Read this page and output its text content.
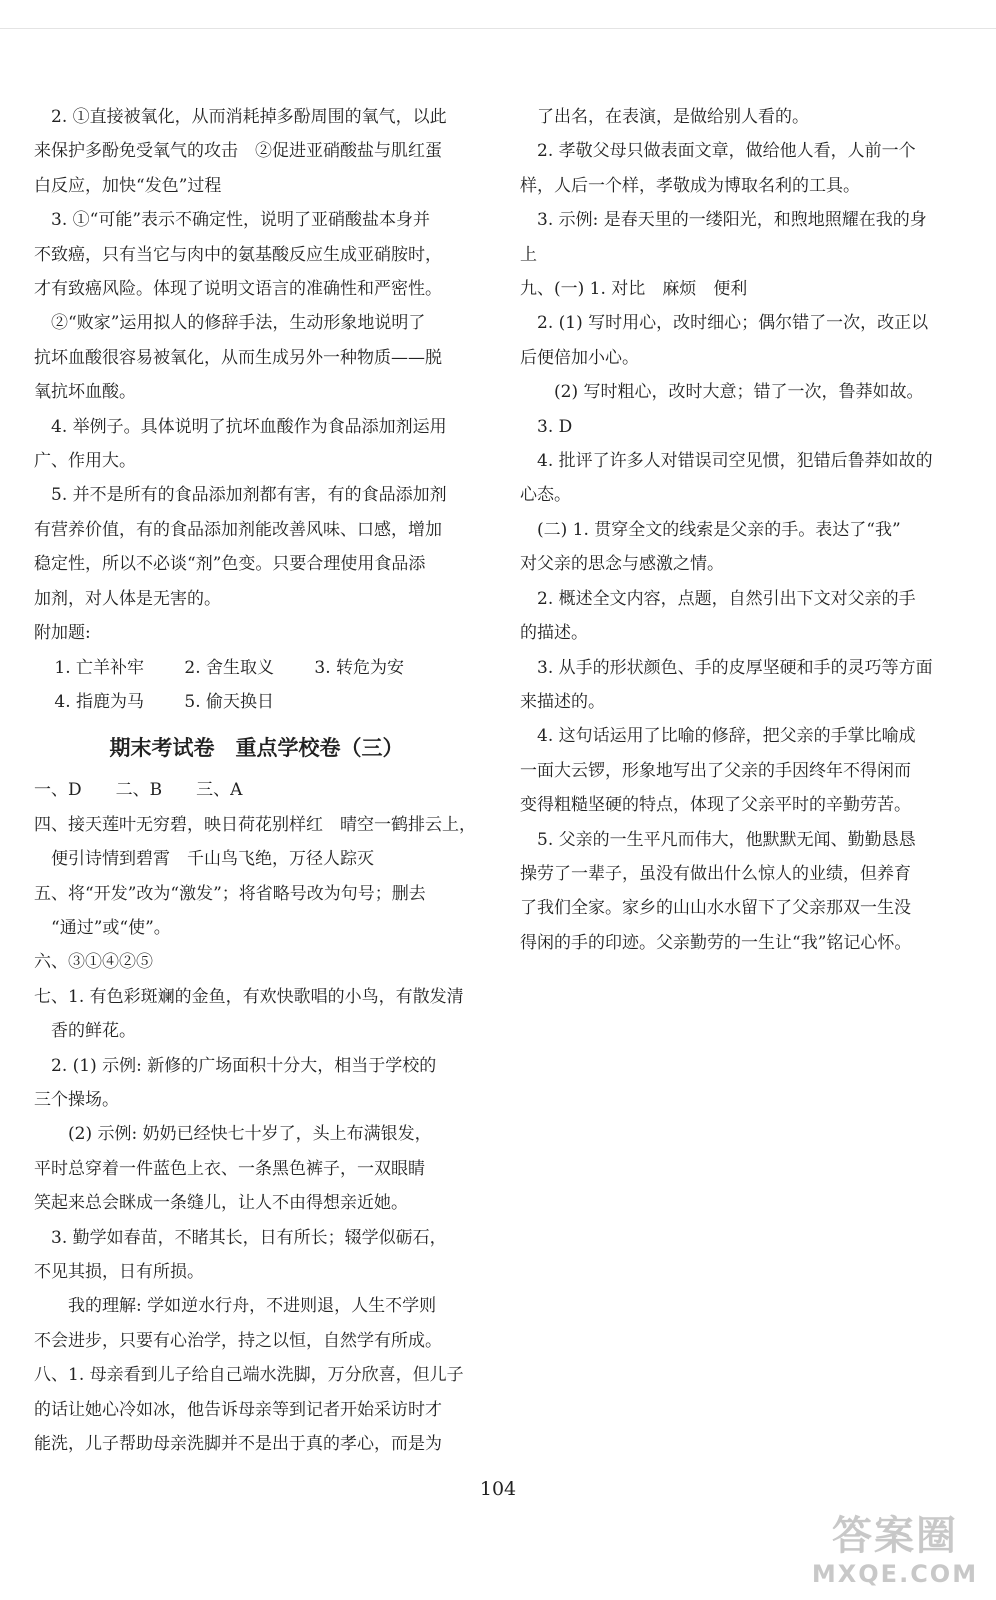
2. ①直接被氧化，从而消耗掉多酚周围的氧气，以此

来保护多酚免受氧气的攻击　②促进亚硝酸盐与肌红蛋

白反应，加快“发色”过程

3. ①“可能”表示不确定性，说明了亚硝酸盐本身并

不致癌，只有当它与肉中的氨基酸反应生成亚硝胺时，

才有致癌风险。体现了说明文语言的准确性和严密性。

②“败家”运用拟人的修辞手法，生动形象地说明了

抗坏血酸很容易被氧化，从而生成另外一种物质——脱

氧抗坏血酸。

4. 举例子。具体说明了抗坏血酸作为食品添加剂运用

广、作用大。

5. 并不是所有的食品添加剂都有害，有的食品添加剂

有营养价值，有的食品添加剂能改善风味、口感，增加

稳定性，所以不必谈“剂”色变。只要合理使用食品添

加剂，对人体是无害的。

附加题:

1. 亡羊补牢	2. 舍生取义	3. 转危为安
4. 指鹿为马	5. 偷天换日
期末考试卷　重点学校卷（三）

一、D　　二、B　　三、A

四、接天莲叶无穷碧，映日荷花别样红　晴空一鹤排云上，

便引诗情到碧霄　千山鸟飞绝，万径人踪灭

五、将“开发”改为“激发”；将省略号改为句号；删去

“通过”或“使”。

六、③①④②⑤

七、1. 有色彩斑斓的金鱼，有欢快歌唱的小鸟，有散发清

香的鲜花。

2. (1) 示例: 新修的广场面积十分大，相当于学校的

三个操场。

(2) 示例: 奶奶已经快七十岁了，头上布满银发，

平时总穿着一件蓝色上衣、一条黑色裤子，一双眼睛

笑起来总会眯成一条缝儿，让人不由得想亲近她。

3. 勤学如春苗，不睹其长，日有所长；辍学似砺石，

不见其损，日有所损。

我的理解: 学如逆水行舟，不进则退，人生不学则

不会进步，只要有心治学，持之以恒，自然学有所成。

八、1. 母亲看到儿子给自己端水洗脚，万分欣喜，但儿子

的话让她心冷如冰，他告诉母亲等到记者开始采访时才

能洗，儿子帮助母亲洗脚并不是出于真的孝心，而是为

了出名，在表演，是做给别人看的。

2. 孝敬父母只做表面文章，做给他人看，人前一个

样，人后一个样，孝敬成为博取名利的工具。

3. 示例: 是春天里的一缕阳光，和煦地照耀在我的身

上

九、(一) 1. 对比　麻烦　便利

2. (1) 写时用心，改时细心；偶尔错了一次，改正以

后便倍加小心。

(2) 写时粗心，改时大意；错了一次，鲁莽如故。

3. D

4. 批评了许多人对错误司空见惯，犯错后鲁莽如故的

心态。

(二) 1. 贯穿全文的线索是父亲的手。表达了“我”

对父亲的思念与感激之情。

2. 概述全文内容，点题，自然引出下文对父亲的手

的描述。

3. 从手的形状颜色、手的皮厚坚硬和手的灵巧等方面

来描述的。

4. 这句话运用了比喻的修辞，把父亲的手掌比喻成

一面大云锣，形象地写出了父亲的手因终年不得闲而

变得粗糙坚硬的特点，体现了父亲平时的辛勤劳苦。

5. 父亲的一生平凡而伟大，他默默无闻、勤勤恳恳

操劳了一辈子，虽没有做出什么惊人的业绩，但养育

了我们全家。家乡的山山水水留下了父亲那双一生没

得闲的手的印迹。父亲勤劳的一生让“我”铭记心怀。

104
答案圈
MXQE.COM
